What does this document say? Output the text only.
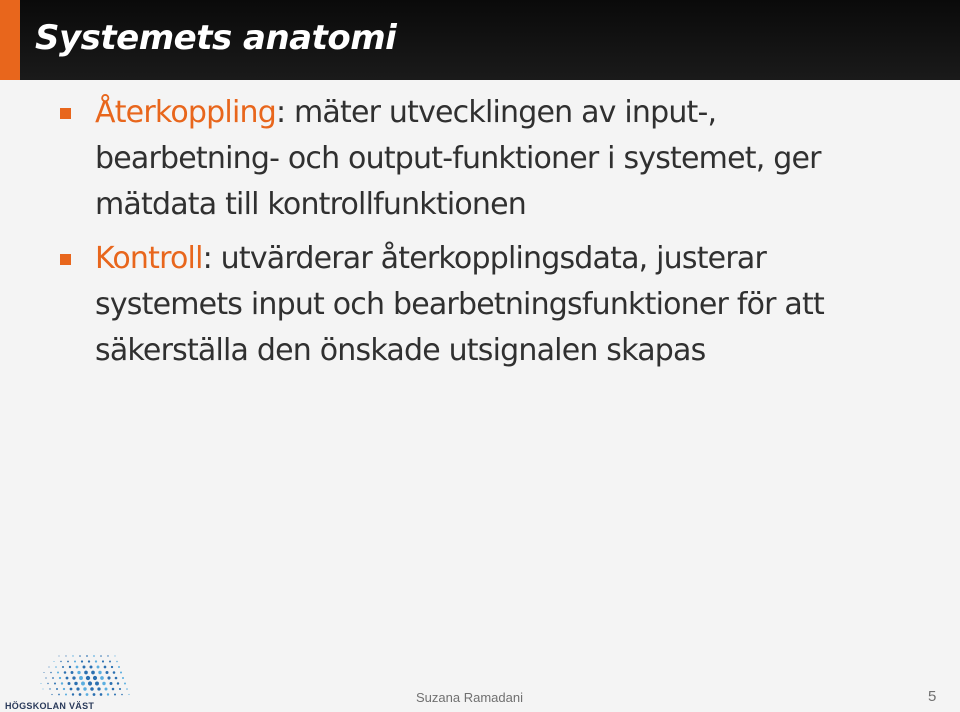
Systemets anatomi
Återkoppling: mäter utvecklingen av input-, bearbetning- och output-funktioner i systemet, ger mätdata till kontrollfunktionen
Kontroll: utvärderar återkopplingsdata, justerar systemets input och bearbetningsfunktioner för att säkerställa den önskade utsignalen skapas
HÖGSKOLAN VÄST
Suzana Ramadani	5
